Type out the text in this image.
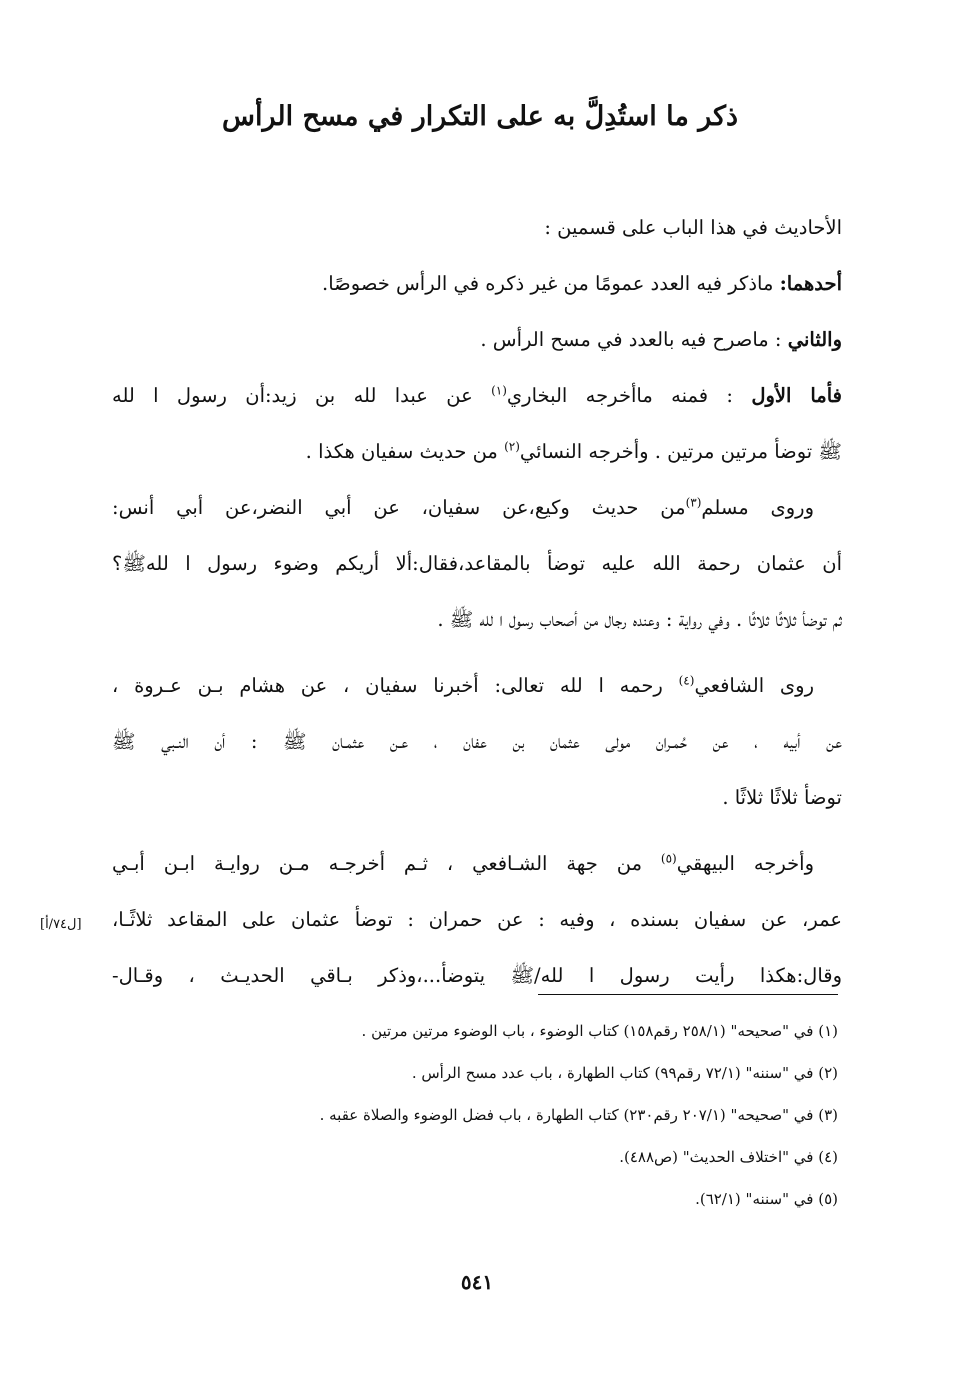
ذكر ما استُدِلَّ به على التكرار في مسح الرأس
الأحاديث في هذا الباب على قسمين :
أحدهما: ماذكر فيه العدد عمومًا من غير ذكره في الرأس خصوصًا.
والثاني : ماصرح فيه بالعدد في مسح الرأس .
فأما الأول : فمنه ماأخرجه البخاري$^{(١)}$ عن عبدا لله بن زيد:أن رسول ا لله
ﷺ توضأ مرتين مرتين . وأخرجه النسائي$^{(٢)}$ من حديث سفيان هكذا .
وروى مسلم$^{(٣)}$من حديث وكيع،عن سفيان، عن أبي النضر،عن أبي أنس:
أن عثمان رحمة الله عليه توضأ بالمقاعد،فقال:ألا أريكم وضوء رسول ا للهﷺ؟
ثم توضأ ثلاثًا ثلاثًا . وفي رواية : وعنده رجال من أصحاب رسول ا لله ﷺ .
روى الشافعي$^{(٤)}$ رحمه ا لله تعالى: أخبرنا سفيان ، عن هشام بـن عـروة ،
عن أبيه ، عن حُمـران مولى عثمان بن عفان ، عـن عثمـان ﷺ : أن النـبي ﷺ
توضأ ثلاثًا ثلاثًا .
وأخرجه البيهقي$^{(٥)}$ من جهة الشـافعي ، ثـم أخرجـه مـن روايـة ابـن أبـي
عمر، عن سفيان بسنده ، وفيه : عن حمران : توضأ عثمان على المقاعد ثلاثًـا،
وقال:هكذا رأيت رسول ا لله/ﷺ يتوضأ...،وذكر بـاقي الحديـث ، وقـال-
[ل٧٤/أ]
(١) في "صحيحه" (٢٥٨/١ رقم١٥٨) كتاب الوضوء ، باب الوضوء مرتين مرتين .
(٢) في "سننه" (٧٢/١ رقم٩٩) كتاب الطهارة ، باب عدد مسح الرأس .
(٣) في "صحيحه" (٢٠٧/١ رقم٢٣٠) كتاب الطهارة ، باب فضل الوضوء والصلاة عقبه .
(٤) في "اختلاف الحديث" (ص٤٨٨).
(٥) في "سننه" (٦٢/١).
٥٤١
